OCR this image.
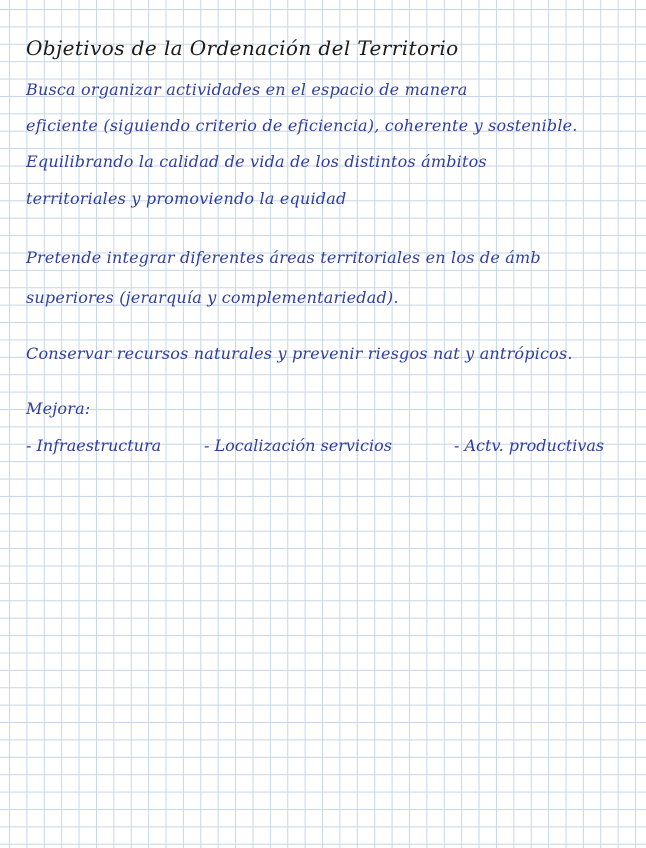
Objetivos de la Ordenación del Territorio
Busca organizar actividades en el espacio de manera
eficiente (siguiendo criterio de eficiencia), coherente y sostenible.
Equilibrando la calidad de vida de los distintos ámbitos
territoriales y promoviendo la equidad
Pretende integrar diferentes áreas territoriales en los de ámb
superiores (jerarquía y complementariedad).
Conservar recursos naturales y prevenir riesgos nat y antrópicos.
Mejora:
- Infraestructura	- Localización servicios	- Actv. productivas
